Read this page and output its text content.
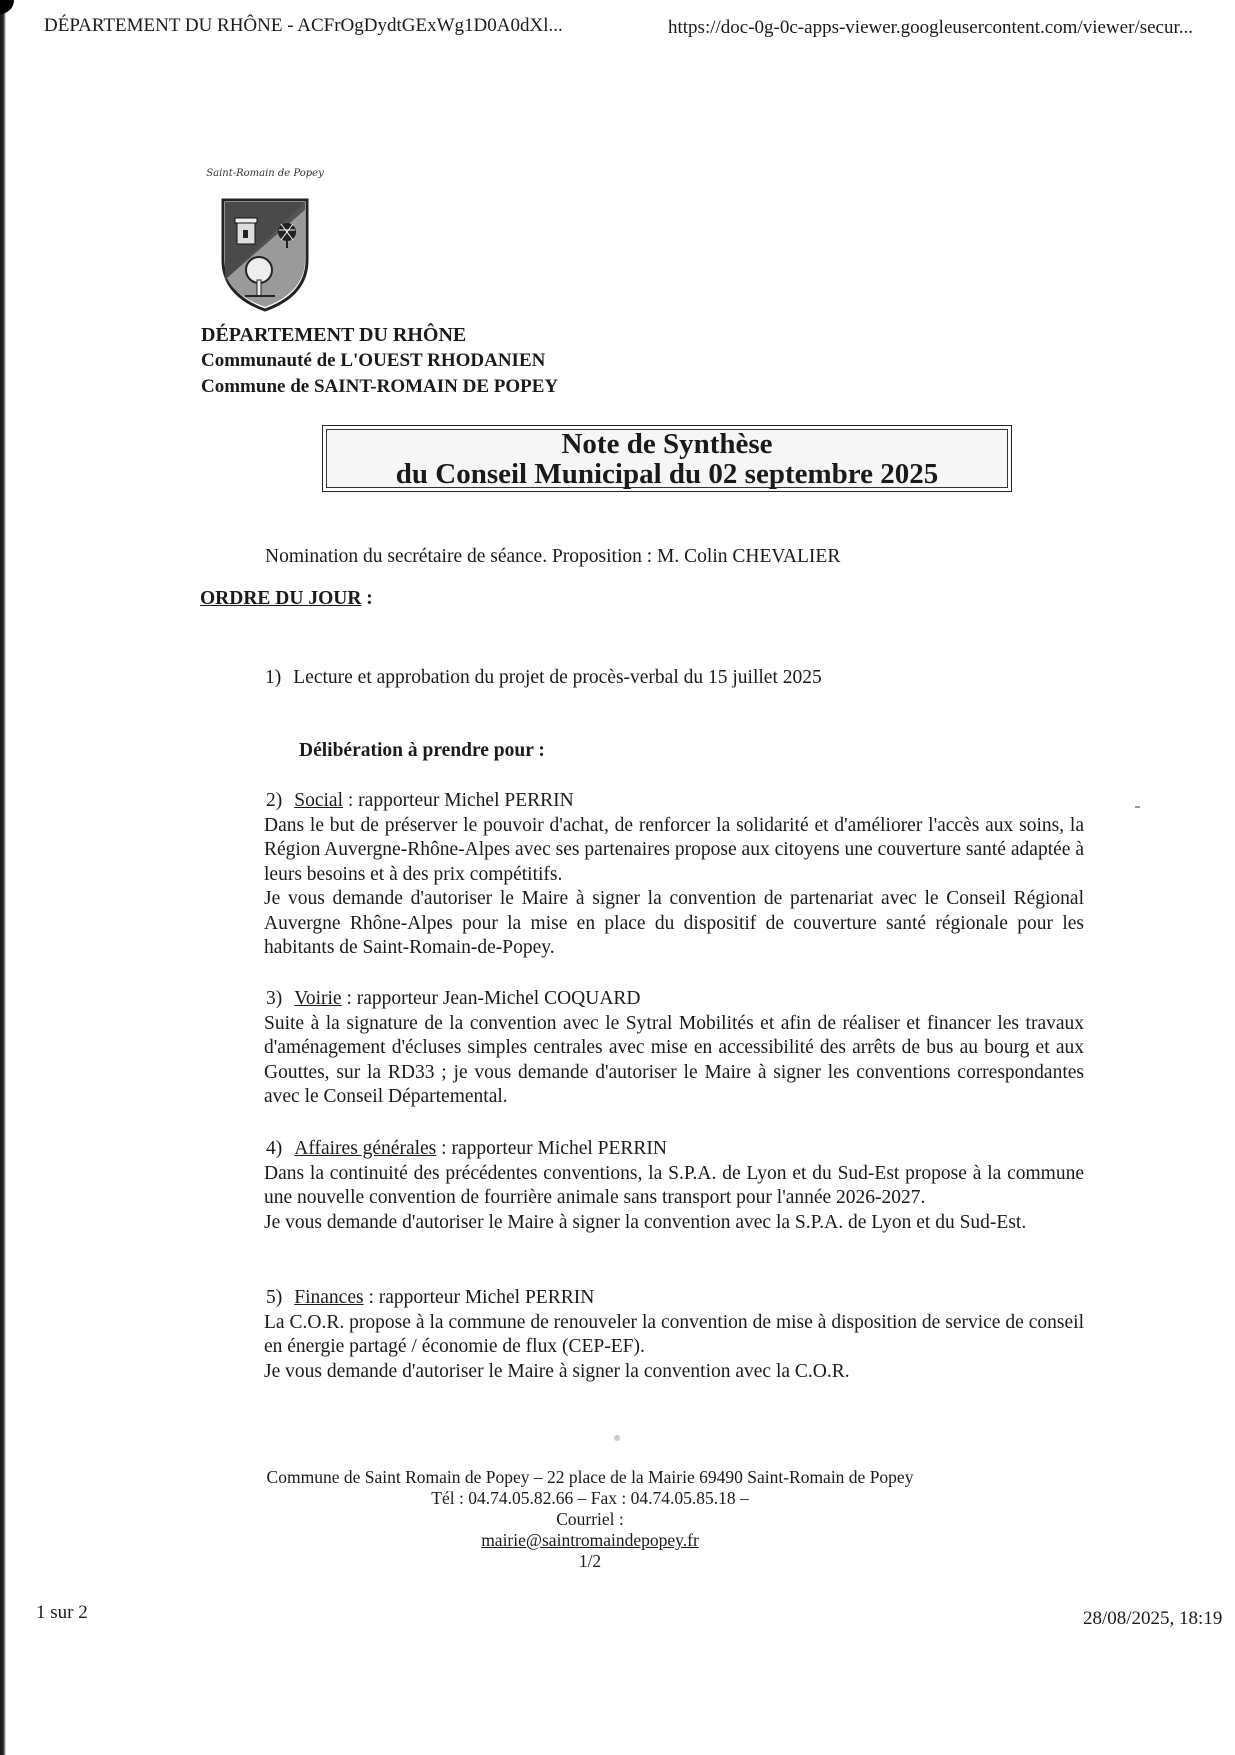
DÉPARTEMENT DU RHÔNE - ACFrOgDydtGExWg1D0A0dXl...	https://doc-0g-0c-apps-viewer.googleusercontent.com/viewer/secur...
Saint-Romain de Popey
DÉPARTEMENT DU RHÔNE
Communauté de L'OUEST RHODANIEN
Commune de SAINT-ROMAIN DE POPEY
Note de Synthèse
du Conseil Municipal du 02 septembre 2025
Nomination du secrétaire de séance. Proposition : M. Colin CHEVALIER
ORDRE DU JOUR :
1) Lecture et approbation du projet de procès-verbal du 15 juillet 2025
Délibération à prendre pour :
2) Social : rapporteur Michel PERRIN
Dans le but de préserver le pouvoir d'achat, de renforcer la solidarité et d'améliorer l'accès aux soins, la Région Auvergne-Rhône-Alpes avec ses partenaires propose aux citoyens une couverture santé adaptée à leurs besoins et à des prix compétitifs.
Je vous demande d'autoriser le Maire à signer la convention de partenariat avec le Conseil Régional Auvergne Rhône-Alpes pour la mise en place du dispositif de couverture santé régionale pour les habitants de Saint-Romain-de-Popey.
3) Voirie : rapporteur Jean-Michel COQUARD
Suite à la signature de la convention avec le Sytral Mobilités et afin de réaliser et financer les travaux d'aménagement d'écluses simples centrales avec mise en accessibilité des arrêts de bus au bourg et aux Gouttes, sur la RD33 ; je vous demande d'autoriser le Maire à signer les conventions correspondantes avec le Conseil Départemental.
4) Affaires générales : rapporteur Michel PERRIN
Dans la continuité des précédentes conventions, la S.P.A. de Lyon et du Sud-Est propose à la commune une nouvelle convention de fourrière animale sans transport pour l'année 2026-2027.
Je vous demande d'autoriser le Maire à signer la convention avec la S.P.A. de Lyon et du Sud-Est.
5) Finances : rapporteur Michel PERRIN
La C.O.R. propose à la commune de renouveler la convention de mise à disposition de service de conseil en énergie partagé / économie de flux (CEP-EF).
Je vous demande d'autoriser le Maire à signer la convention avec la C.O.R.
Commune de Saint Romain de Popey – 22 place de la Mairie 69490 Saint-Romain de Popey
Tél : 04.74.05.82.66 – Fax : 04.74.05.85.18 –
Courriel :
mairie@saintromaindepopey.fr
1/2
1 sur 2	28/08/2025, 18:19
